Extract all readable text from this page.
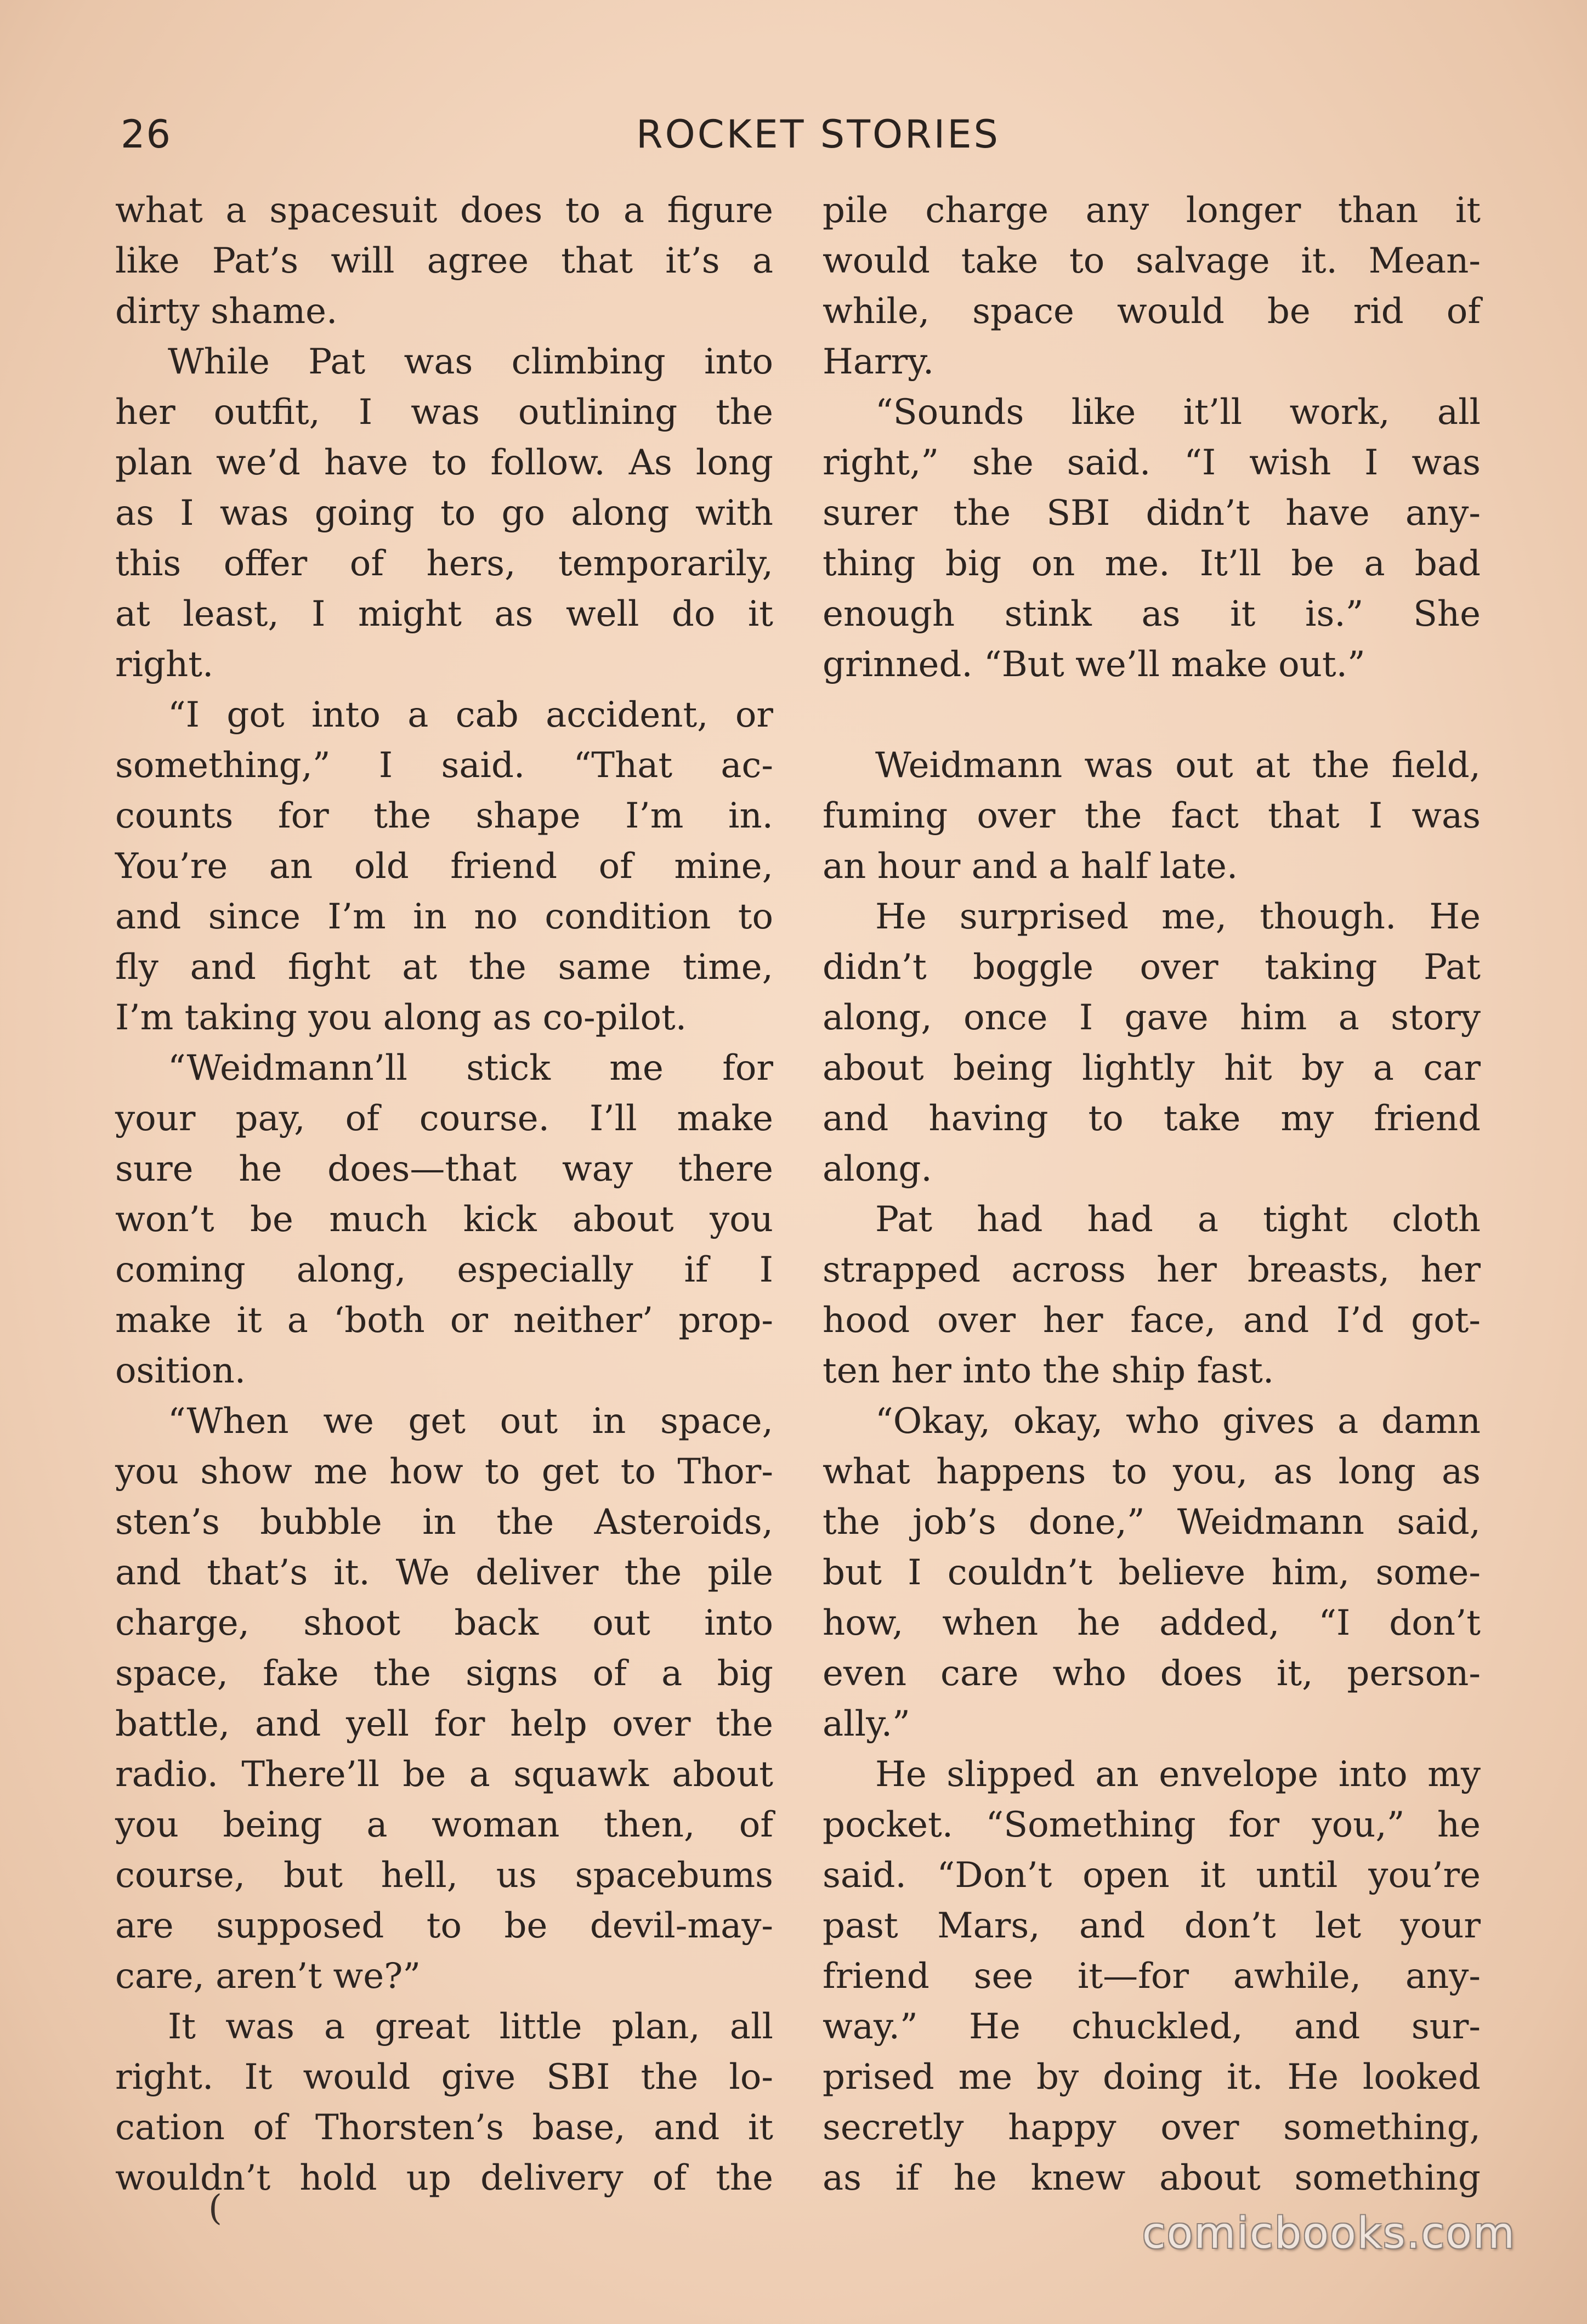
26	ROCKET STORIES
what a spacesuit does to a figure
like Pat’s will agree that it’s a
dirty shame.
While Pat was climbing into
her outfit, I was outlining the
plan we’d have to follow. As long
as I was going to go along with
this offer of hers, temporarily,
at least, I might as well do it
right.
“I got into a cab accident, or
something,” I said. “That ac-
counts for the shape I’m in.
You’re an old friend of mine,
and since I’m in no condition to
fly and fight at the same time,
I’m taking you along as co-pilot.
“Weidmann’ll stick me for
your pay, of course. I’ll make
sure he does—that way there
won’t be much kick about you
coming along, especially if I
make it a ‘both or neither’ prop-
osition.
“When we get out in space,
you show me how to get to Thor-
sten’s bubble in the Asteroids,
and that’s it. We deliver the pile
charge, shoot back out into
space, fake the signs of a big
battle, and yell for help over the
radio. There’ll be a squawk about
you being a woman then, of
course, but hell, us spacebums
are supposed to be devil-may-
care, aren’t we?”
It was a great little plan, all
right. It would give SBI the lo-
cation of Thorsten’s base, and it
wouldn’t hold up delivery of the
pile charge any longer than it
would take to salvage it. Mean-
while, space would be rid of
Harry.
“Sounds like it’ll work, all
right,” she said. “I wish I was
surer the SBI didn’t have any-
thing big on me. It’ll be a bad
enough stink as it is.” She
grinned. “But we’ll make out.”
Weidmann was out at the field,
fuming over the fact that I was
an hour and a half late.
He surprised me, though. He
didn’t boggle over taking Pat
along, once I gave him a story
about being lightly hit by a car
and having to take my friend
along.
Pat had had a tight cloth
strapped across her breasts, her
hood over her face, and I’d got-
ten her into the ship fast.
“Okay, okay, who gives a damn
what happens to you, as long as
the job’s done,” Weidmann said,
but I couldn’t believe him, some-
how, when he added, “I don’t
even care who does it, person-
ally.”
He slipped an envelope into my
pocket. “Something for you,” he
said. “Don’t open it until you’re
past Mars, and don’t let your
friend see it—for awhile, any-
way.” He chuckled, and sur-
prised me by doing it. He looked
secretly happy over something,
as if he knew about something
(
comicbooks.com
